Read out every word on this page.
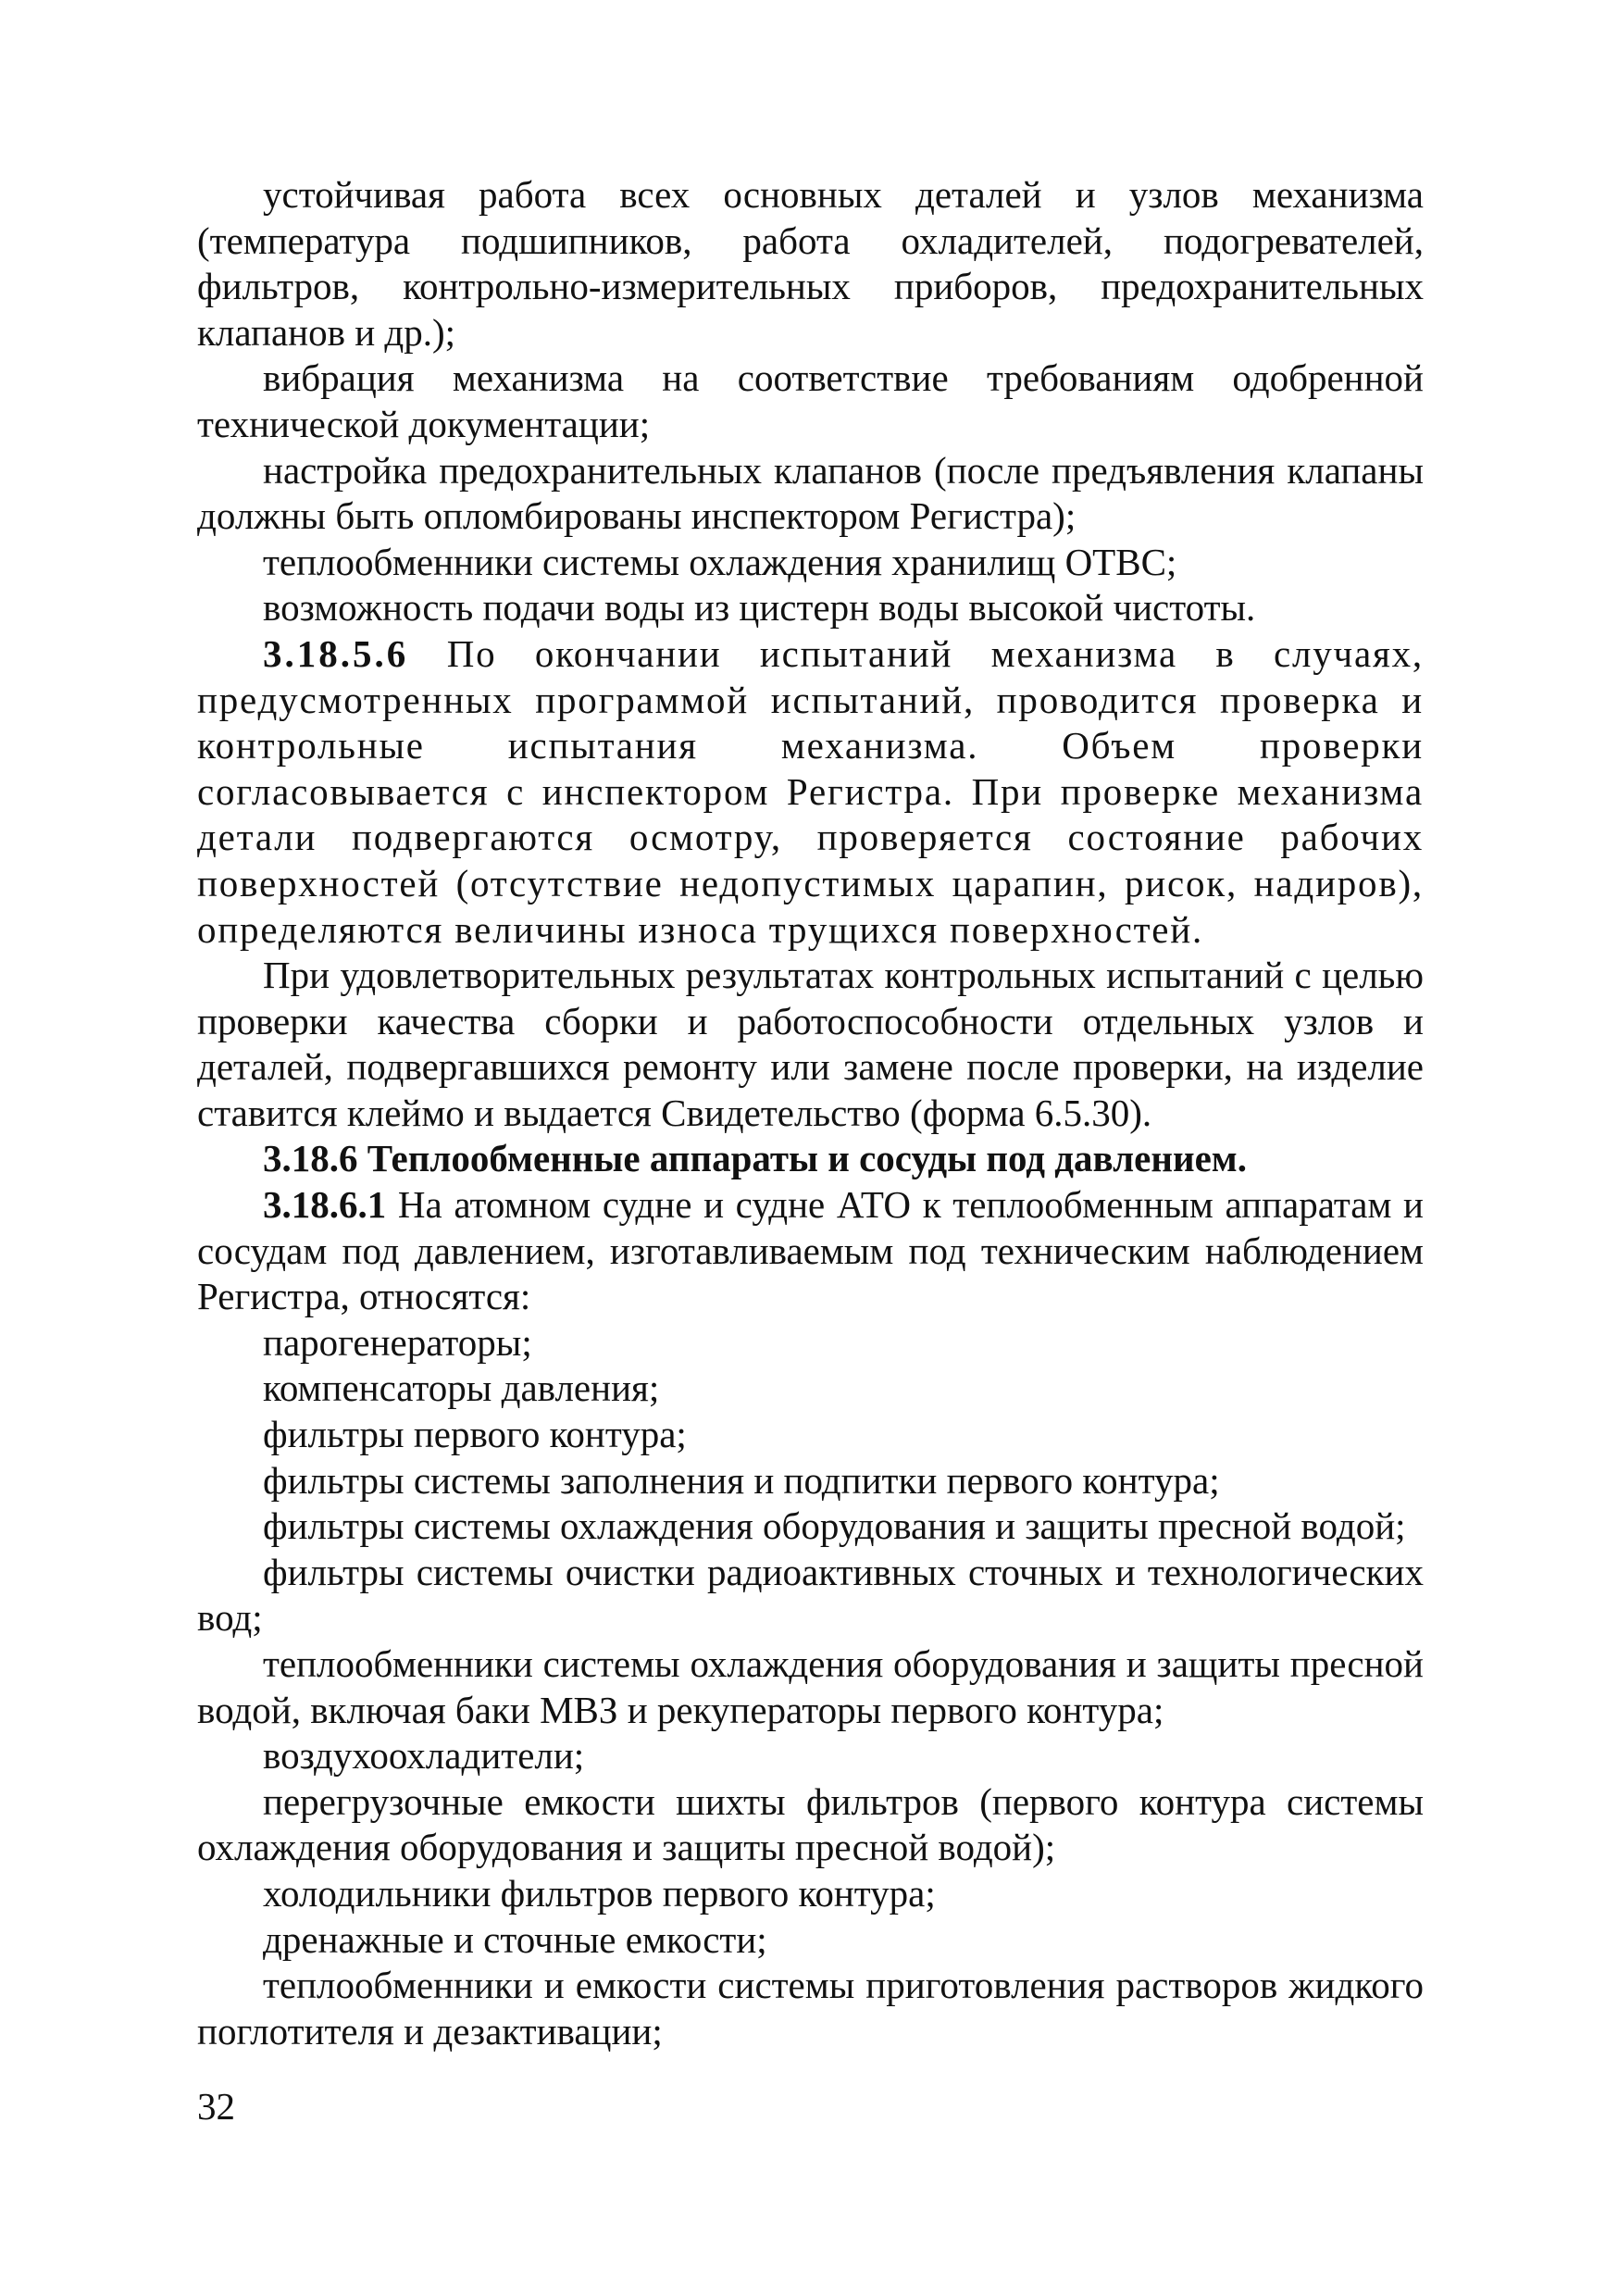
устойчивая работа всех основных деталей и узлов механизма (температура подшипников, работа охладителей, подогревателей, фильтров, контрольно-измерительных приборов, предохранительных клапанов и др.);

вибрация механизма на соответствие требованиям одобренной технической документации;

настройка предохранительных клапанов (после предъявления клапаны должны быть опломбированы инспектором Регистра);

теплообменники системы охлаждения хранилищ ОТВС;

возможность подачи воды из цистерн воды высокой чистоты.

3.18.5.6 По окончании испытаний механизма в случаях, предусмотренных программой испытаний, проводится проверка и контрольные испытания механизма. Объем проверки согласовывается с инспектором Регистра. При проверке механизма детали подвергаются осмотру, проверяется состояние рабочих поверхностей (отсутствие недопустимых царапин, рисок, надиров), определяются величины износа трущихся поверхностей.

При удовлетворительных результатах контрольных испытаний с целью проверки качества сборки и работоспособности отдельных узлов и деталей, подвергавшихся ремонту или замене после проверки, на изделие ставится клеймо и выдается Свидетельство (форма 6.5.30).

3.18.6 Теплообменные аппараты и сосуды под давлением.

3.18.6.1 На атомном судне и судне АТО к теплообменным аппаратам и сосудам под давлением, изготавливаемым под техническим наблюдением Регистра, относятся:

парогенераторы;

компенсаторы давления;

фильтры первого контура;

фильтры системы заполнения и подпитки первого контура;

фильтры системы охлаждения оборудования и защиты пресной водой;

фильтры системы очистки радиоактивных сточных и технологических вод;

теплообменники системы охлаждения оборудования и защиты пресной водой, включая баки МВЗ и рекуператоры первого контура;

воздухоохладители;

перегрузочные емкости шихты фильтров (первого контура системы охлаждения оборудования и защиты пресной водой);

холодильники фильтров первого контура;

дренажные и сточные емкости;

теплообменники и емкости системы приготовления растворов жидкого поглотителя и дезактивации;

32
